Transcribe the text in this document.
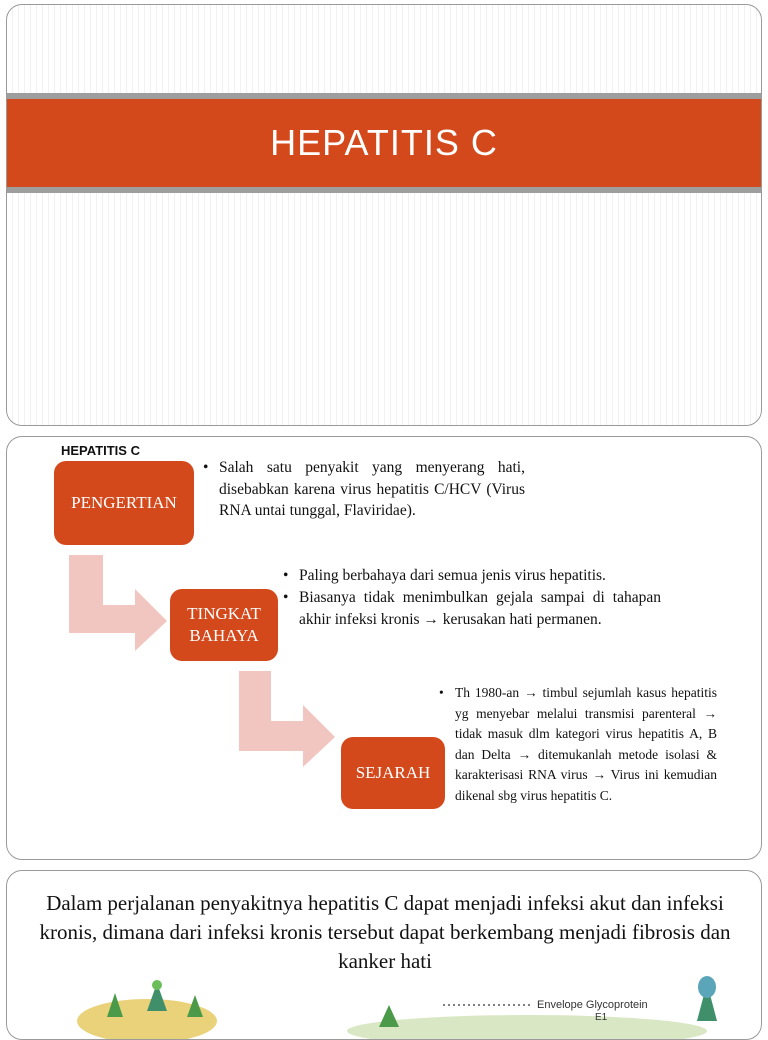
HEPATITIS C
HEPATITIS C
PENGERTIAN
TINGKAT
BAHAYA
SEJARAH
• Salah satu penyakit yang menyerang hati, disebabkan karena virus hepatitis C/HCV (Virus RNA untai tunggal, Flaviridae).
• Paling berbahaya dari semua jenis virus hepatitis.
• Biasanya tidak menimbulkan gejala sampai di tahapan akhir infeksi kronis → kerusakan hati permanen.
• Th 1980-an → timbul sejumlah kasus hepatitis yg menyebar melalui transmisi parenteral → tidak masuk dlm kategori virus hepatitis A, B dan Delta → ditemukanlah metode isolasi & karakterisasi RNA virus → Virus ini kemudian dikenal sbg virus hepatitis C.
Dalam perjalanan penyakitnya hepatitis C dapat menjadi infeksi akut dan infeksi kronis, dimana dari infeksi kronis tersebut dapat berkembang menjadi fibrosis dan kanker hati
Envelope Glycoprotein
E1
